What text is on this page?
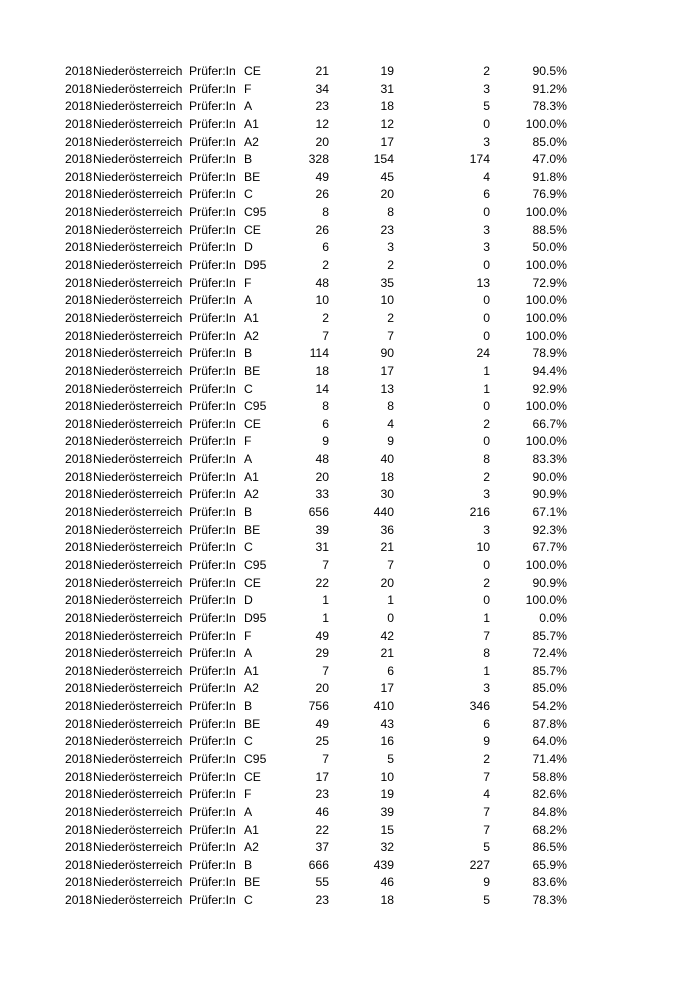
2018 Niederösterreich Prüfer:In CE	21	19	2	90.5%
2018 Niederösterreich Prüfer:In F	34	31	3	91.2%
2018 Niederösterreich Prüfer:In A	23	18	5	78.3%
2018 Niederösterreich Prüfer:In A1	12	12	0	100.0%
2018 Niederösterreich Prüfer:In A2	20	17	3	85.0%
2018 Niederösterreich Prüfer:In B	328	154	174	47.0%
2018 Niederösterreich Prüfer:In BE	49	45	4	91.8%
2018 Niederösterreich Prüfer:In C	26	20	6	76.9%
2018 Niederösterreich Prüfer:In C95	8	8	0	100.0%
2018 Niederösterreich Prüfer:In CE	26	23	3	88.5%
2018 Niederösterreich Prüfer:In D	6	3	3	50.0%
2018 Niederösterreich Prüfer:In D95	2	2	0	100.0%
2018 Niederösterreich Prüfer:In F	48	35	13	72.9%
2018 Niederösterreich Prüfer:In A	10	10	0	100.0%
2018 Niederösterreich Prüfer:In A1	2	2	0	100.0%
2018 Niederösterreich Prüfer:In A2	7	7	0	100.0%
2018 Niederösterreich Prüfer:In B	114	90	24	78.9%
2018 Niederösterreich Prüfer:In BE	18	17	1	94.4%
2018 Niederösterreich Prüfer:In C	14	13	1	92.9%
2018 Niederösterreich Prüfer:In C95	8	8	0	100.0%
2018 Niederösterreich Prüfer:In CE	6	4	2	66.7%
2018 Niederösterreich Prüfer:In F	9	9	0	100.0%
2018 Niederösterreich Prüfer:In A	48	40	8	83.3%
2018 Niederösterreich Prüfer:In A1	20	18	2	90.0%
2018 Niederösterreich Prüfer:In A2	33	30	3	90.9%
2018 Niederösterreich Prüfer:In B	656	440	216	67.1%
2018 Niederösterreich Prüfer:In BE	39	36	3	92.3%
2018 Niederösterreich Prüfer:In C	31	21	10	67.7%
2018 Niederösterreich Prüfer:In C95	7	7	0	100.0%
2018 Niederösterreich Prüfer:In CE	22	20	2	90.9%
2018 Niederösterreich Prüfer:In D	1	1	0	100.0%
2018 Niederösterreich Prüfer:In D95	1	0	1	0.0%
2018 Niederösterreich Prüfer:In F	49	42	7	85.7%
2018 Niederösterreich Prüfer:In A	29	21	8	72.4%
2018 Niederösterreich Prüfer:In A1	7	6	1	85.7%
2018 Niederösterreich Prüfer:In A2	20	17	3	85.0%
2018 Niederösterreich Prüfer:In B	756	410	346	54.2%
2018 Niederösterreich Prüfer:In BE	49	43	6	87.8%
2018 Niederösterreich Prüfer:In C	25	16	9	64.0%
2018 Niederösterreich Prüfer:In C95	7	5	2	71.4%
2018 Niederösterreich Prüfer:In CE	17	10	7	58.8%
2018 Niederösterreich Prüfer:In F	23	19	4	82.6%
2018 Niederösterreich Prüfer:In A	46	39	7	84.8%
2018 Niederösterreich Prüfer:In A1	22	15	7	68.2%
2018 Niederösterreich Prüfer:In A2	37	32	5	86.5%
2018 Niederösterreich Prüfer:In B	666	439	227	65.9%
2018 Niederösterreich Prüfer:In BE	55	46	9	83.6%
2018 Niederösterreich Prüfer:In C	23	18	5	78.3%
